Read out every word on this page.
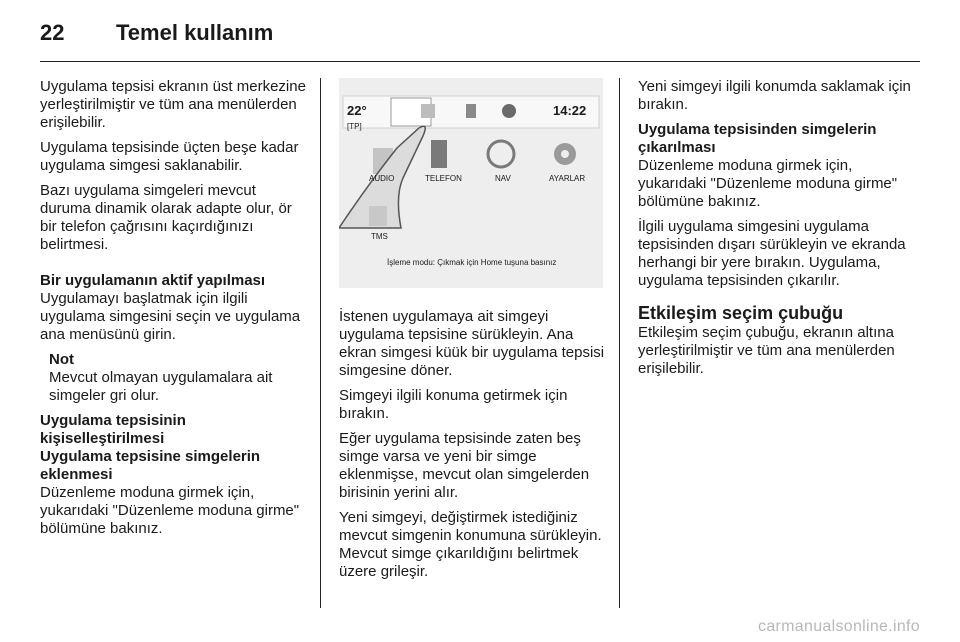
22 Temel kullanım
Uygulama tepsisi ekranın üst merkezine yerleştirilmiştir ve tüm ana menülerden erişilebilir.
Uygulama tepsisinde üçten beşe kadar uygulama simgesi saklanabilir.
Bazı uygulama simgeleri mevcut duruma dinamik olarak adapte olur, ör bir telefon çağrısını kaçırdığınızı belirtmesi.
Bir uygulamanın aktif yapılması
Uygulamayı başlatmak için ilgili uygulama simgesini seçin ve uygulama ana menüsünü girin.
Not
Mevcut olmayan uygulamalara ait simgeler gri olur.
Uygulama tepsisinin kişiselleştirilmesi
Uygulama tepsisine simgelerin eklenmesi
Düzenleme moduna girmek için, yukarıdaki "Düzenleme moduna girme" bölümüne bakınız.
22°
[TP]
14:22
AUDIO	TELEFON	NAV	AYARLAR
TMS
İşleme modu: Çıkmak için Home tuşuna basınız
İstenen uygulamaya ait simgeyi uygulama tepsisine sürükleyin. Ana ekran simgesi küük bir uygulama tepsisi simgesine döner.
Simgeyi ilgili konuma getirmek için bırakın.
Eğer uygulama tepsisinde zaten beş simge varsa ve yeni bir simge eklenmişse, mevcut olan simgelerden birisinin yerini alır.
Yeni simgeyi, değiştirmek istediğiniz mevcut simgenin konumuna sürükleyin. Mevcut simge çıkarıldığını belirtmek üzere grileşir.
Yeni simgeyi ilgili konumda saklamak için bırakın.
Uygulama tepsisinden simgelerin çıkarılması
Düzenleme moduna girmek için, yukarıdaki "Düzenleme moduna girme" bölümüne bakınız.
İlgili uygulama simgesini uygulama tepsisinden dışarı sürükleyin ve ekranda herhangi bir yere bırakın. Uygulama, uygulama tepsisinden çıkarılır.
Etkileşim seçim çubuğu
Etkileşim seçim çubuğu, ekranın altına yerleştirilmiştir ve tüm ana menülerden erişilebilir.
carmanualsonline.info
